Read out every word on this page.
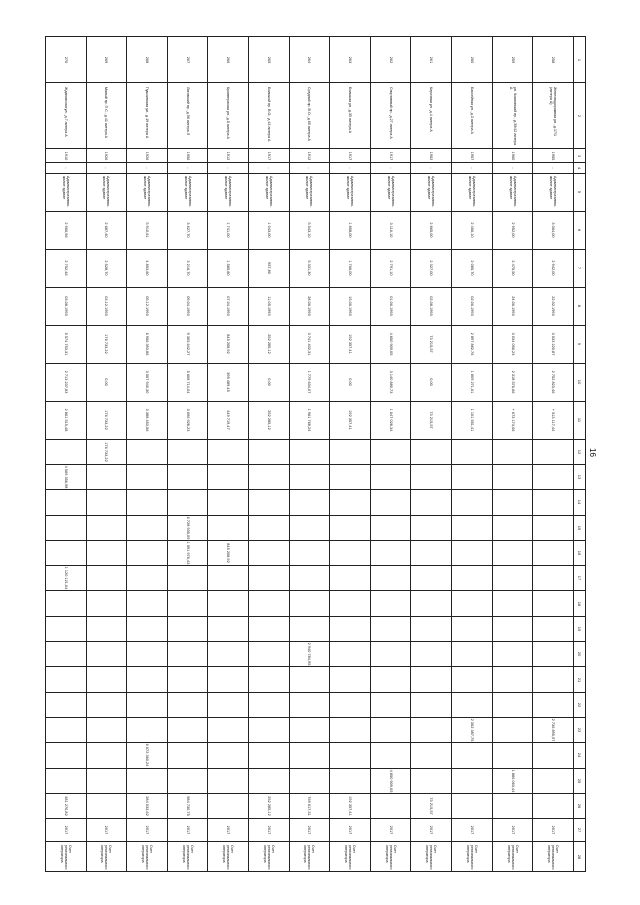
16
270	269	268	267	266	265	264	263	262	261	260	259	258	1

Ждановская ул., д.7 литера А	Малый пр. П.С., д.41 литера А	Пушкинская ул., д.19 литера А	Лиговский пр., д.56 литера Л	Кронверкская ул., д.8 литера А	Большой пр. В.О., д.43 литера А	Средний пр. В.О., д.65 литера А	Большая ул., д.35 литера А	Спортивный пр., д.27 литера А	Кирочная ул., д.4 литера А	Бассейная ул., д.3 литера А	ул. Чкаловский пр., д.39/42 литера А	Железнодорожная ул., д.17/1 (литера А)	2

1910	1926	1926	1956	1912	1917	1912	1917	1917	1952	1957	1960	1955	3

-	-	-	-	-	-	-	-	-	-	-	-	-	4

Административно-жилое здание	Административно-жилое здание	Административно-жилое здание	Административно-жилое здание	Административно-жилое здание	Административно-жилое здание	Административно-жилое здание	Административно-жилое здание	Административно-жилое здание	Административно-жилое здание	Административно-жилое здание	Административно-жилое здание	Административно-жилое здание	5

2 966,96	2 687,40	5 910,61	3 627,70	1 741,00	1 043,00	5 543,10	1 858,00	3 116,10	2 865,00	2 456,10	2 952,00	3 064,00	6

2 752,46	2 528,70	4 853,60	3 216,70	1 585,80	957,80	5 331,30	1 766,00	2 791,10	2 327,00	2 085,70	2 475,50	2 942,00	7

03.08.1993	03.12.1993	05.12.1993	09.04.1993	07.04.1993	11.05.1993	28.06.1993	15.06.1993	01.06.1993	02.08.1993	02.06.1993	24.06.1993	22.02.1993	8

5 574 753,31	176 733,22	6 956 393,86	9 305 642,27	845 208,92	252 285,12	3 741 402,31	192 357,41	4 850 909,05	73 215,57	2 897 882,76	3 034 056,23	3 533 220,87	9

2 713 237,83	0,00	3 567 940,30	5 608 714,04	395 489,45	0,00	1 779 634,07	0,00	3 140 880,73	0,00	1 809 271,61	2 318 576,66	2 752 823,46	10

2 861 515,48	176 733,22	3 388 453,56	3 696 928,23	449 719,47	252 285,12	1 961 768,24	192 357,41	1 647 028,34	73 215,57	1 101 551,41	+ 673 173,06	+ 513 117,44	11

	176 733,22												12

4 569 356,98													13

													14

			6 728 935,09										15

			1 591 976,43	845 208,92									16

1 120 121,04													17

													18

													19

						2 940 784,95							20

													21

													22

										2 362 387,75		2 736 895,97	23

		6 672 360,24											24

								4 850 909,05			1 886 063,44		25

481 270,82		284 033,62	984 730,75		252 285,12	769 617,31	192 357,41		73 215,57				26

2017	2017	2017	2017	2017	2017	2017	2017	2017	2017	2017	2017	2017	27

Счет регионального оператора	Счет регионального оператора	Счет регионального оператора	Счет регионального оператора	Счет регионального оператора	Счет регионального оператора	Счет регионального оператора	Счет регионального оператора	Счет регионального оператора	Счет регионального оператора	Счет регионального оператора	Счет регионального оператора	Счет регионального оператора	28
